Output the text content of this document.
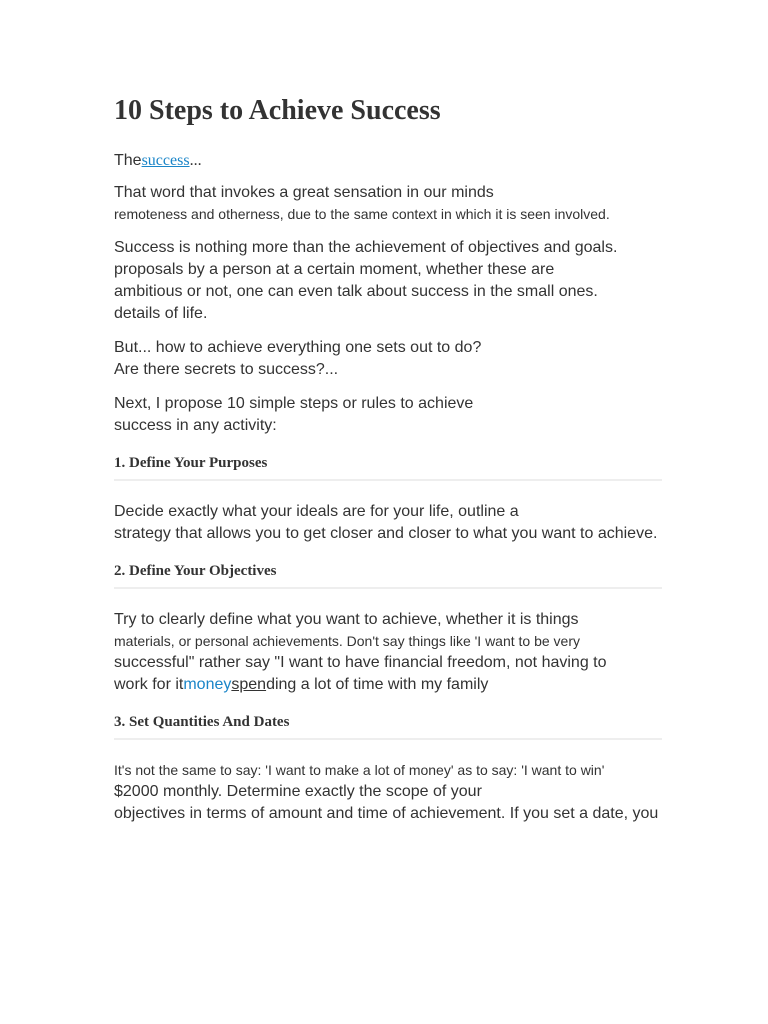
10 Steps to Achieve Success
Thesuccess...

That word that invokes a great sensation in our minds
remoteness and otherness, due to the same context in which it is seen involved.

Success is nothing more than the achievement of objectives and goals.
proposals by a person at a certain moment, whether these are
ambitious or not, one can even talk about success in the small ones.
details of life.

But... how to achieve everything one sets out to do?
Are there secrets to success?...

Next, I propose 10 simple steps or rules to achieve
success in any activity:

1. Define Your Purposes

Decide exactly what your ideals are for your life, outline a
strategy that allows you to get closer and closer to what you want to achieve.

2. Define Your Objectives

Try to clearly define what you want to achieve, whether it is things
materials, or personal achievements. Don't say things like 'I want to be very
successful" rather say "I want to have financial freedom, not having to
work for itmoneyspending a lot of time with my family

3. Set Quantities And Dates

It's not the same to say: 'I want to make a lot of money' as to say: 'I want to win'
$2000 monthly. Determine exactly the scope of your
objectives in terms of amount and time of achievement. If you set a date, you
